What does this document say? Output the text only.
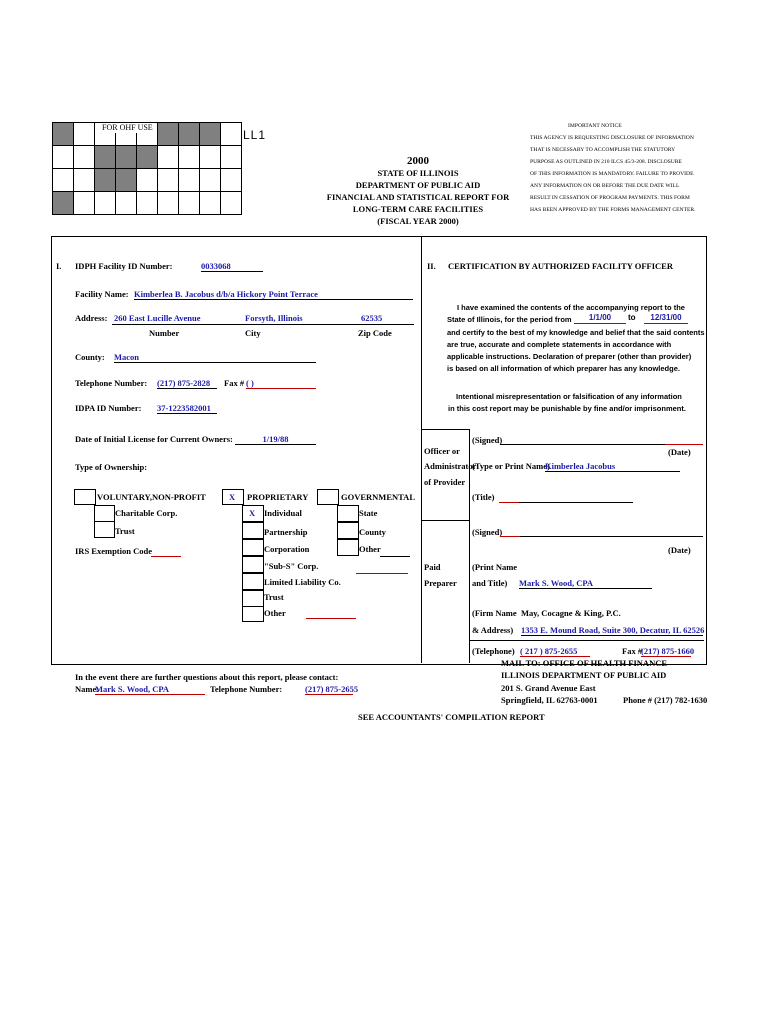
FOR OHF USE
LL1
2000
STATE OF ILLINOIS
DEPARTMENT OF PUBLIC AID
FINANCIAL AND STATISTICAL REPORT FOR
LONG-TERM CARE FACILITIES
(FISCAL YEAR 2000)
IMPORTANT NOTICE
THIS AGENCY IS REQUESTING DISCLOSURE OF INFORMATION
THAT IS NECESSARY TO ACCOMPLISH THE STATUTORY
PURPOSE AS OUTLINED IN 210 ILCS 45/3-208. DISCLOSURE
OF THIS INFORMATION IS MANDATORY. FAILURE TO PROVIDE
ANY INFORMATION ON OR BEFORE THE DUE DATE WILL
RESULT IN CESSATION OF PROGRAM PAYMENTS. THIS FORM
HAS BEEN APPROVED BY THE FORMS MANAGEMENT CENTER.
I. IDPH Facility ID Number:	0033068
Facility Name: Kimberlea B. Jacobus d/b/a Hickory Point Terrace
Address: 260 East Lucille Avenue	Forsyth, Illinois	62535
Number	City	Zip Code
County: Macon
Telephone Number: (217) 875-2828	Fax # ( )
IDPA ID Number: 37-1223582001
Date of Initial License for Current Owners:	1/19/88
Type of Ownership:
VOLUNTARY,NON-PROFIT
Charitable Corp.
Trust
IRS Exemption Code
X PROPRIETARY
X Individual
Partnership
Corporation
"Sub-S" Corp.
Limited Liability Co.
Trust
Other
GOVERNMENTAL
State
County
Other
In the event there are further questions about this report, please contact:
Name:
Mark S. Wood, CPA	Telephone Number:	(217) 875-2655
II. CERTIFICATION BY AUTHORIZED FACILITY OFFICER
I have examined the contents of the accompanying report to the
State of Illinois, for the period from	1/1/00	to	12/31/00
and certify to the best of my knowledge and belief that the said contents
are true, accurate and complete statements in accordance with
applicable instructions. Declaration of preparer (other than provider)
is based on all information of which preparer has any knowledge.
Intentional misrepresentation or falsification of any information
in this cost report may be punishable by fine and/or imprisonment.
Officer or
Administrator
of Provider
(Signed)
(Date)
(Type or Print Name)
Kimberlea Jacobus
(Title)
(Signed)
(Date)
Paid
Preparer
(Print Name
and Title) Mark S. Wood, CPA
(Firm Name
& Address)
May, Cocagne & King, P.C.
1353 E. Mound Road, Suite 300, Decatur, IL 62526
(Telephone) ( 217 ) 875-2655	Fax #
(217) 875-1660
MAIL TO: OFFICE OF HEALTH FINANCE
ILLINOIS DEPARTMENT OF PUBLIC AID
201 S. Grand Avenue East
Springfield, IL 62763-0001	Phone # (217) 782-1630
SEE ACCOUNTANTS' COMPILATION REPORT
